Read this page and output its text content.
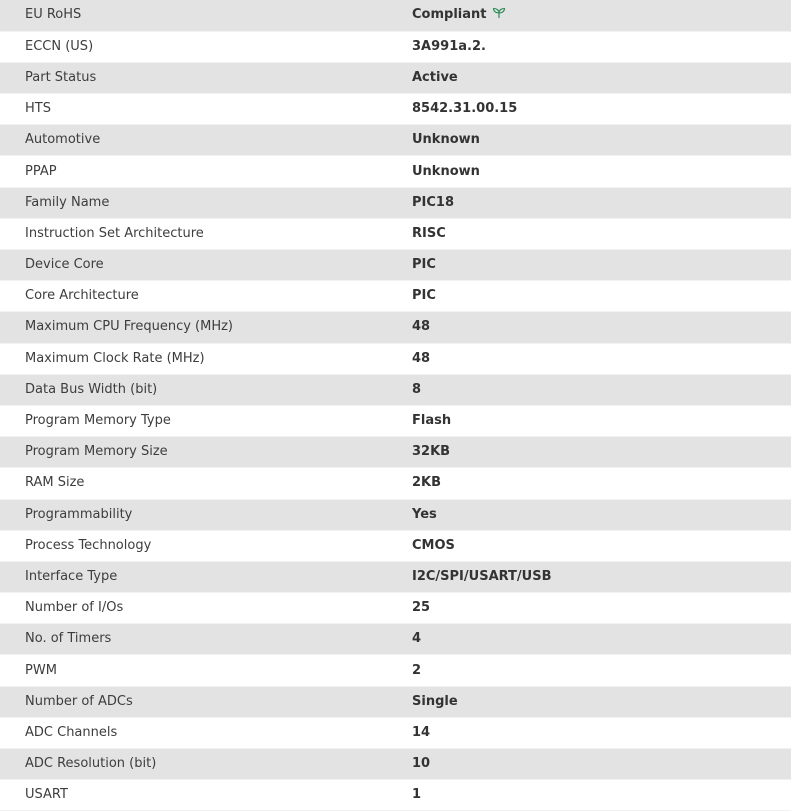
EU RoHS	Compliant
ECCN (US)	3A991a.2.
Part Status	Active
HTS	8542.31.00.15
Automotive	Unknown
PPAP	Unknown
Family Name	PIC18
Instruction Set Architecture	RISC
Device Core	PIC
Core Architecture	PIC
Maximum CPU Frequency (MHz)	48
Maximum Clock Rate (MHz)	48
Data Bus Width (bit)	8
Program Memory Type	Flash
Program Memory Size	32KB
RAM Size	2KB
Programmability	Yes
Process Technology	CMOS
Interface Type	I2C/SPI/USART/USB
Number of I/Os	25
No. of Timers	4
PWM	2
Number of ADCs	Single
ADC Channels	14
ADC Resolution (bit)	10
USART	1
